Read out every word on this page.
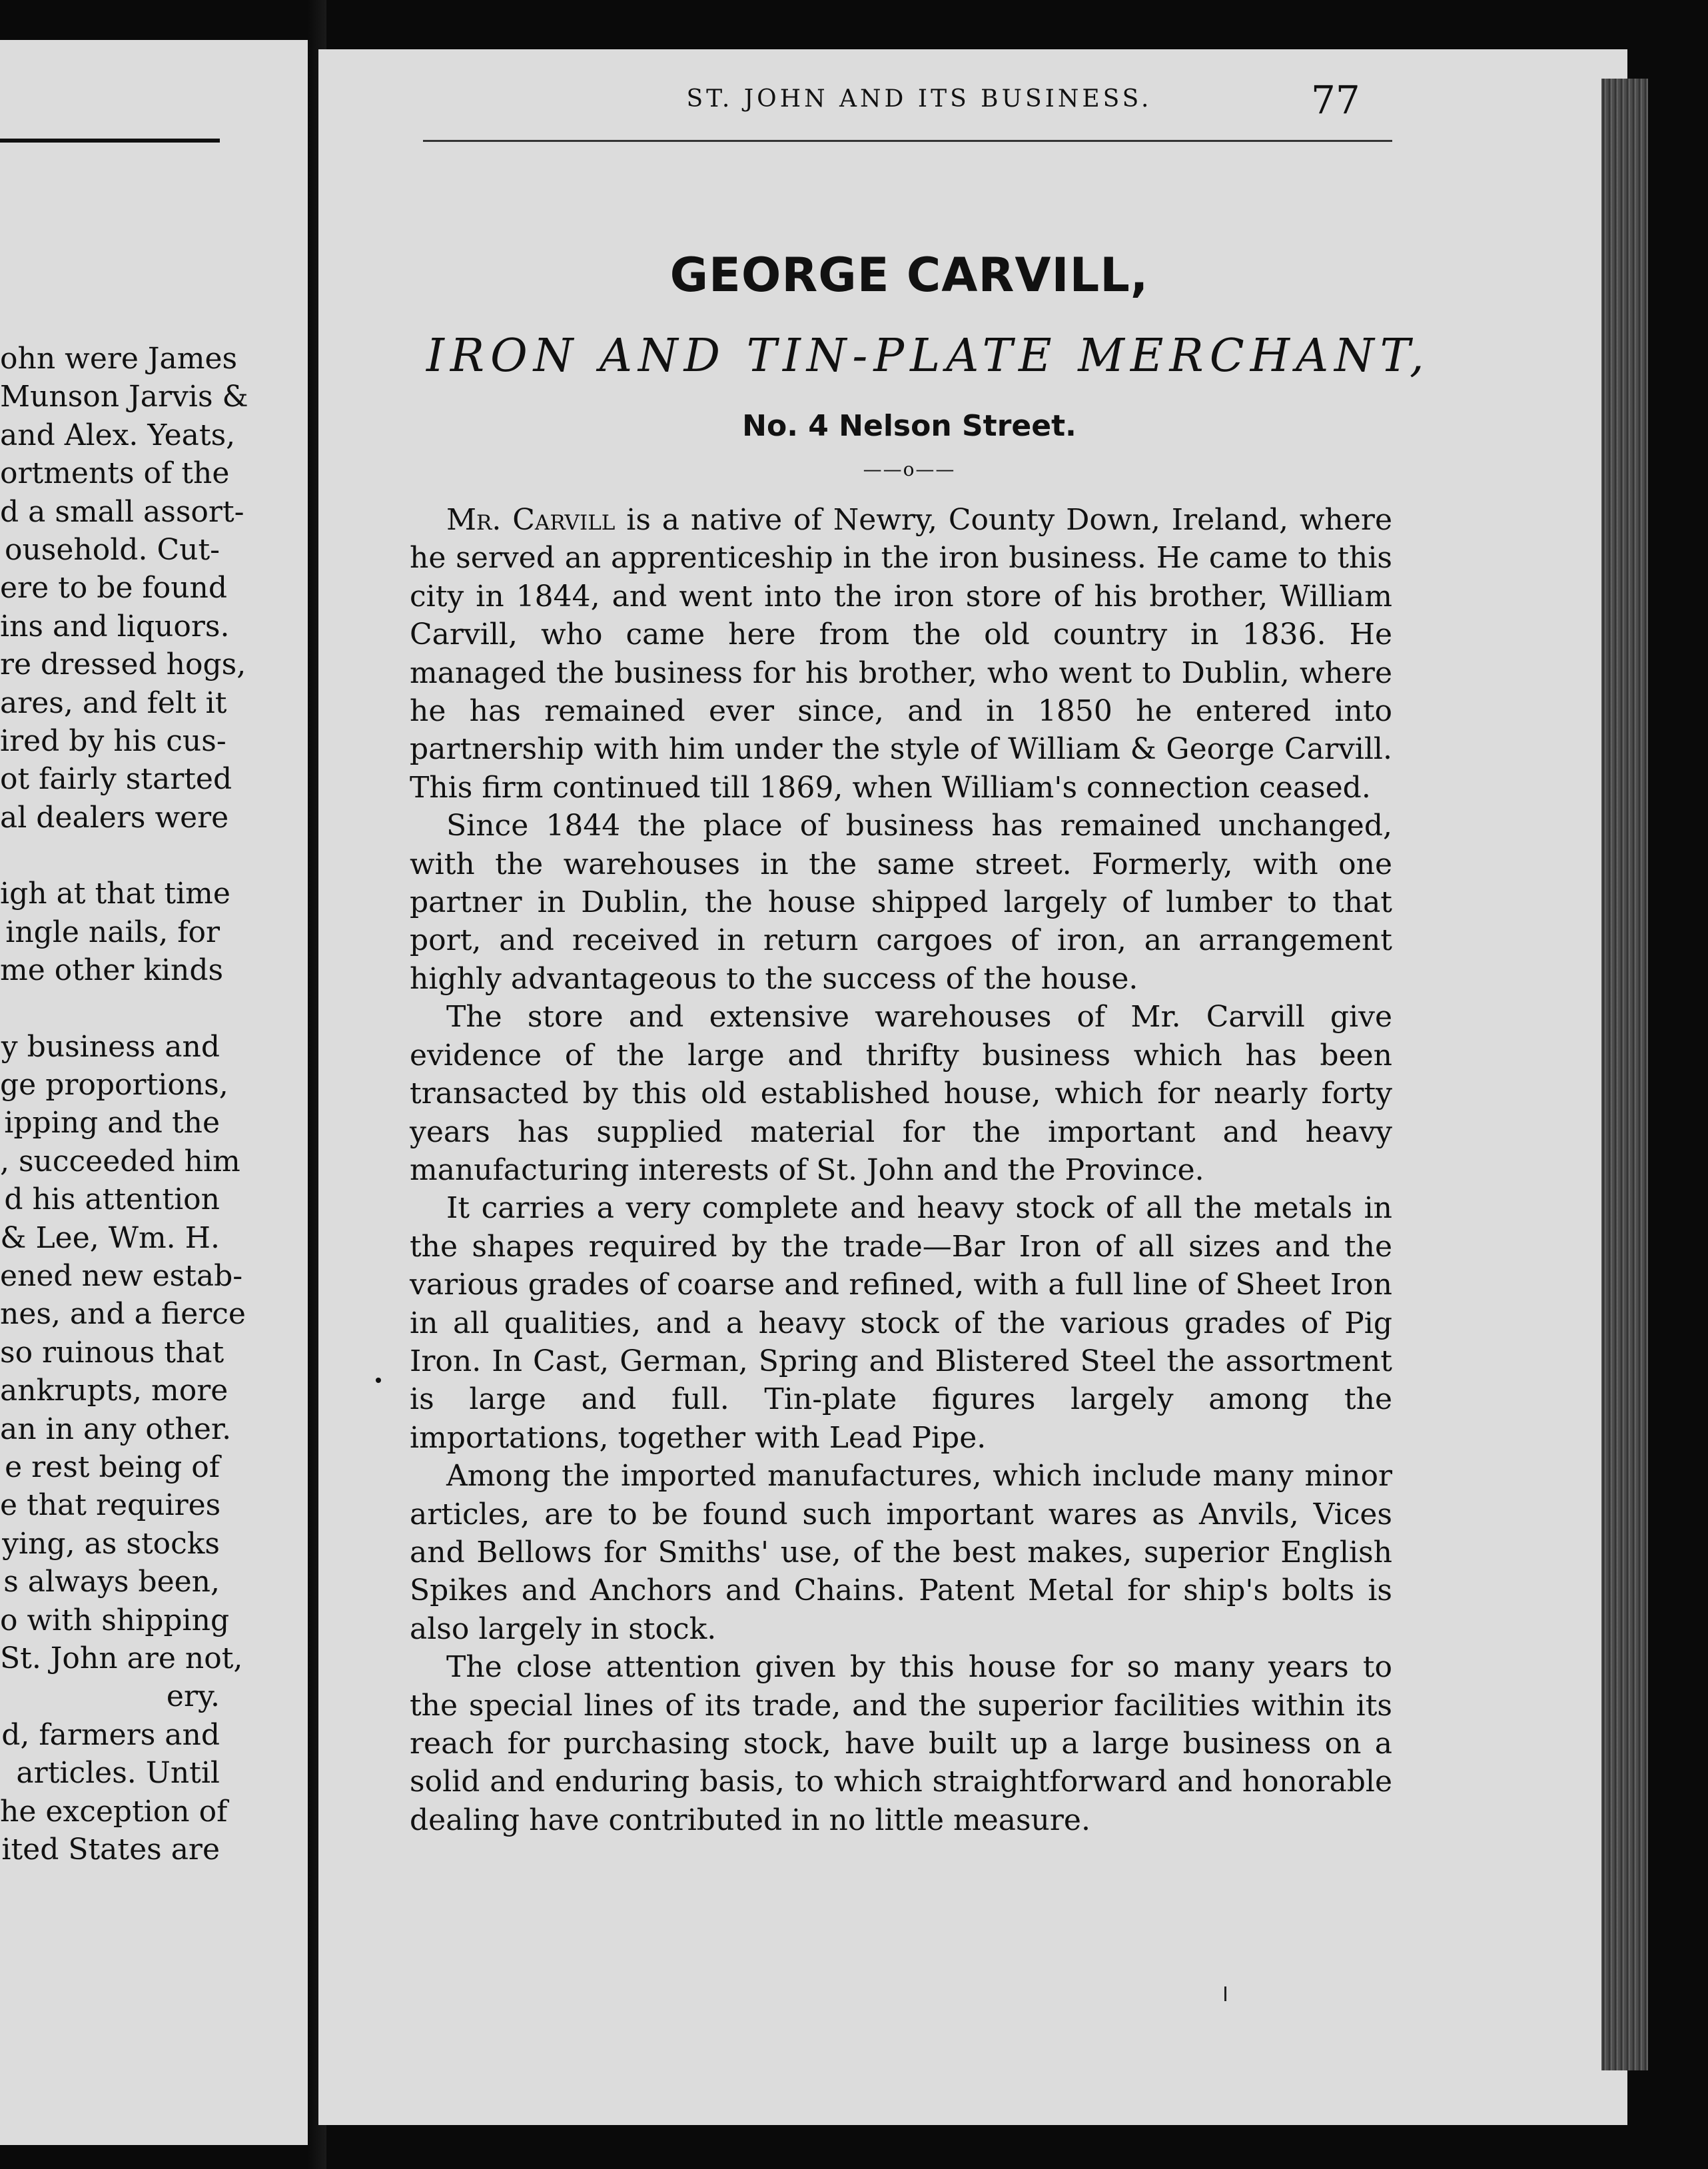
ohn were James
Munson Jarvis &
and Alex. Yeats,
ortments of the
d a small assort-
ousehold. Cut-
ere to be found
ins and liquors.
re dressed hogs,
ares, and felt it
ired by his cus-
ot fairly started
al dealers were
igh at that time
ingle nails, for
me other kinds
y business and
ge proportions,
ipping and the
, succeeded him
d his attention
& Lee, Wm. H.
ened new estab-
nes, and a fierce
so ruinous that
ankrupts, more
an in any other.
e rest being of
e that requires
ying, as stocks
s always been,
o with shipping
St. John are not,
ery.
d, farmers and
articles. Until
he exception of
ited States are
ST. JOHN AND ITS BUSINESS.	77
GEORGE CARVILL,
IRON AND TIN-PLATE MERCHANT,
No. 4 Nelson Street.
——o——

Mr. Carvill is a native of Newry, County Down, Ireland, where he served an apprenticeship in the iron business. He came to this city in 1844, and went into the iron store of his brother, William Carvill, who came here from the old country in 1836. He managed the business for his brother, who went to Dublin, where he has remained ever since, and in 1850 he entered into partnership with him under the style of William & George Carvill. This firm continued till 1869, when William's connection ceased.

Since 1844 the place of business has remained unchanged, with the warehouses in the same street. Formerly, with one partner in Dublin, the house shipped largely of lumber to that port, and received in return cargoes of iron, an arrangement highly advantageous to the success of the house.

The store and extensive warehouses of Mr. Carvill give evidence of the large and thrifty business which has been transacted by this old established house, which for nearly forty years has supplied material for the important and heavy manufacturing interests of St. John and the Province.

It carries a very complete and heavy stock of all the metals in the shapes required by the trade—Bar Iron of all sizes and the various grades of coarse and refined, with a full line of Sheet Iron in all qualities, and a heavy stock of the various grades of Pig Iron. In Cast, German, Spring and Blistered Steel the assortment is large and full. Tin-plate figures largely among the importations, together with Lead Pipe.

Among the imported manufactures, which include many minor articles, are to be found such important wares as Anvils, Vices and Bellows for Smiths' use, of the best makes, superior English Spikes and Anchors and Chains. Patent Metal for ship's bolts is also largely in stock.

The close attention given by this house for so many years to the special lines of its trade, and the superior facilities within its reach for purchasing stock, have built up a large business on a solid and enduring basis, to which straightforward and honorable dealing have contributed in no little measure.
